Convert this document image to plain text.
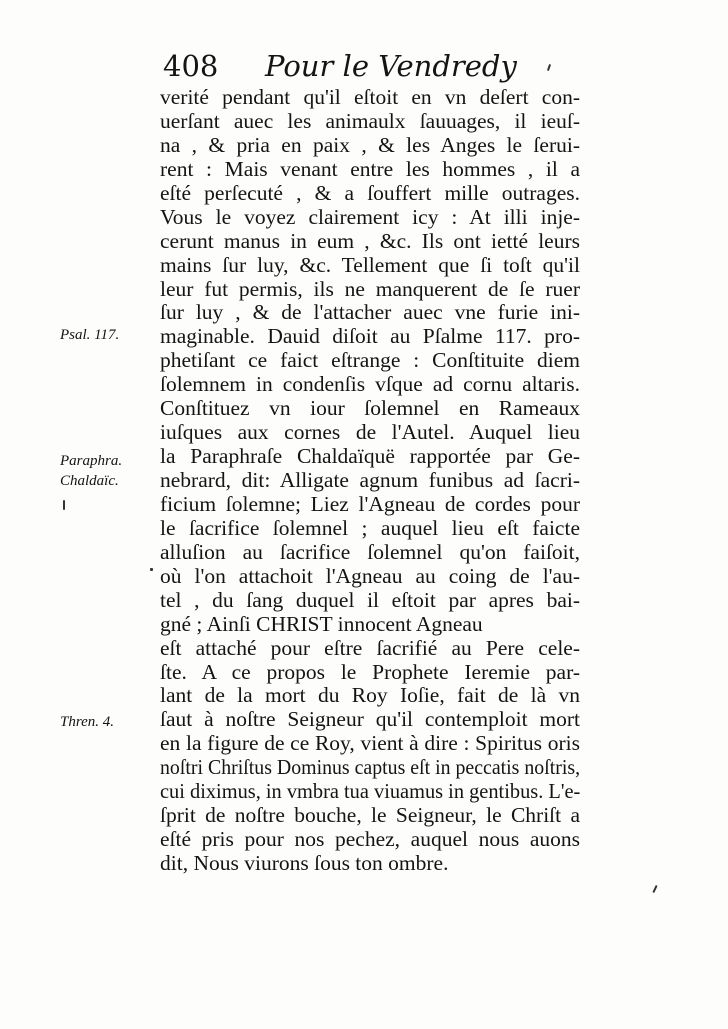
408 Pour le Vendredy
Psal. 117.
Paraphra.
Chaldaïc.
Thren. 4.
verité pendant qu'il eſtoit en vn deſert con-
uerſant auec les animaulx ſauuages, il ieuſ-
na , & pria en paix , & les Anges le ſerui-
rent : Mais venant entre les hommes , il a
eſté perſecuté , & a ſouffert mille outrages.
Vous le voyez clairement icy : At illi inje-
cerunt manus in eum , &c. Ils ont ietté leurs
mains ſur luy, &c. Tellement que ſi toſt qu'il
leur fut permis, ils ne manquerent de ſe ruer
ſur luy , & de l'attacher auec vne furie ini-
maginable. Dauid diſoit au Pſalme 117. pro-
phetiſant ce faict eſtrange : Conſtituite diem
ſolemnem in condenſis vſque ad cornu altaris.
Conſtituez vn iour ſolemnel en Rameaux
iuſques aux cornes de l'Autel. Auquel lieu
la Paraphraſe Chaldaïquë rapportée par Ge-
nebrard, dit: Alligate agnum funibus ad ſacri-
ficium ſolemne; Liez l'Agneau de cordes pour
le ſacrifice ſolemnel ; auquel lieu eſt faicte
alluſion au ſacrifice ſolemnel qu'on faiſoit,
où l'on attachoit l'Agneau au coing de l'au-
tel , du ſang duquel il eſtoit par apres bai-
gné ; Ainſi CHRIST innocent Agneau
eſt attaché pour eſtre ſacrifié au Pere cele-
ſte. A ce propos le Prophete Ieremie par-
lant de la mort du Roy Ioſie, fait de là vn
ſaut à noſtre Seigneur qu'il contemploit mort
en la figure de ce Roy, vient à dire : Spiritus oris
noſtri Chriſtus Dominus captus eſt in peccatis noſtris,
cui diximus, in vmbra tua viuamus in gentibus. L'e-
ſprit de noſtre bouche, le Seigneur, le Chriſt a
eſté pris pour nos pechez, auquel nous auons
dit, Nous viurons ſous ton ombre.
